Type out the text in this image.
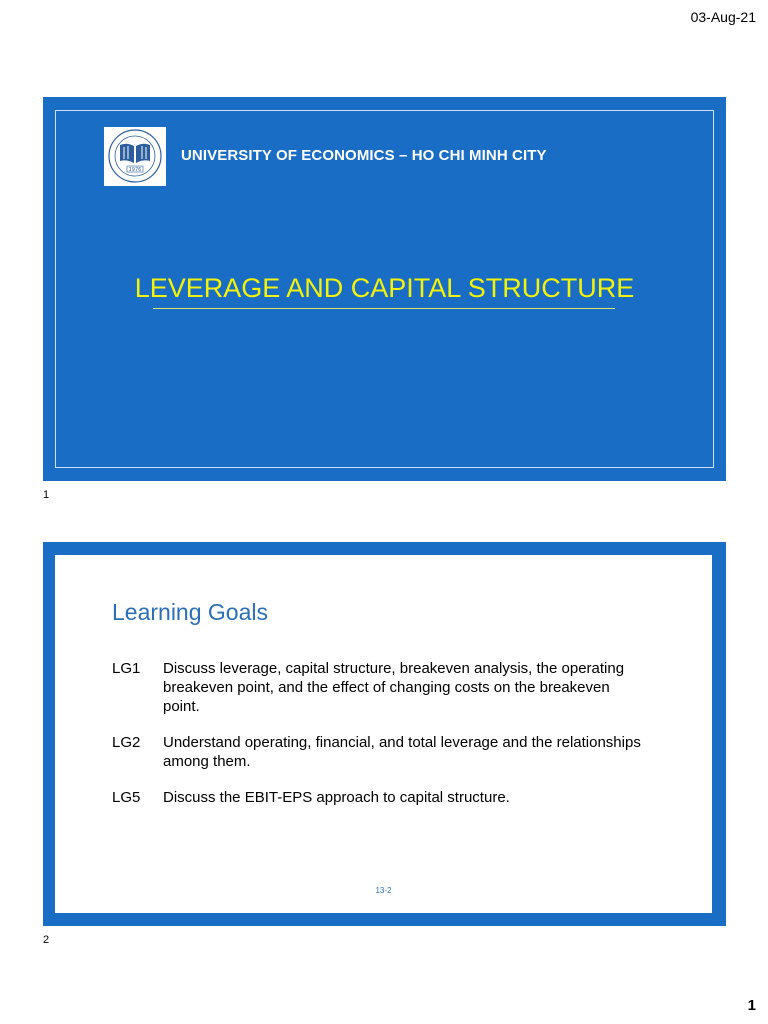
03-Aug-21
1976
UNIVERSITY OF ECONOMICS – HO CHI MINH CITY
LEVERAGE AND CAPITAL STRUCTURE
1
Learning Goals
LG1	Discuss leverage, capital structure, breakeven analysis, the operating breakeven point, and the effect of changing costs on the breakeven point.
LG2	Understand operating, financial, and total leverage and the relationships among them.
LG5	Discuss the EBIT-EPS approach to capital structure.
13-2
2
1
